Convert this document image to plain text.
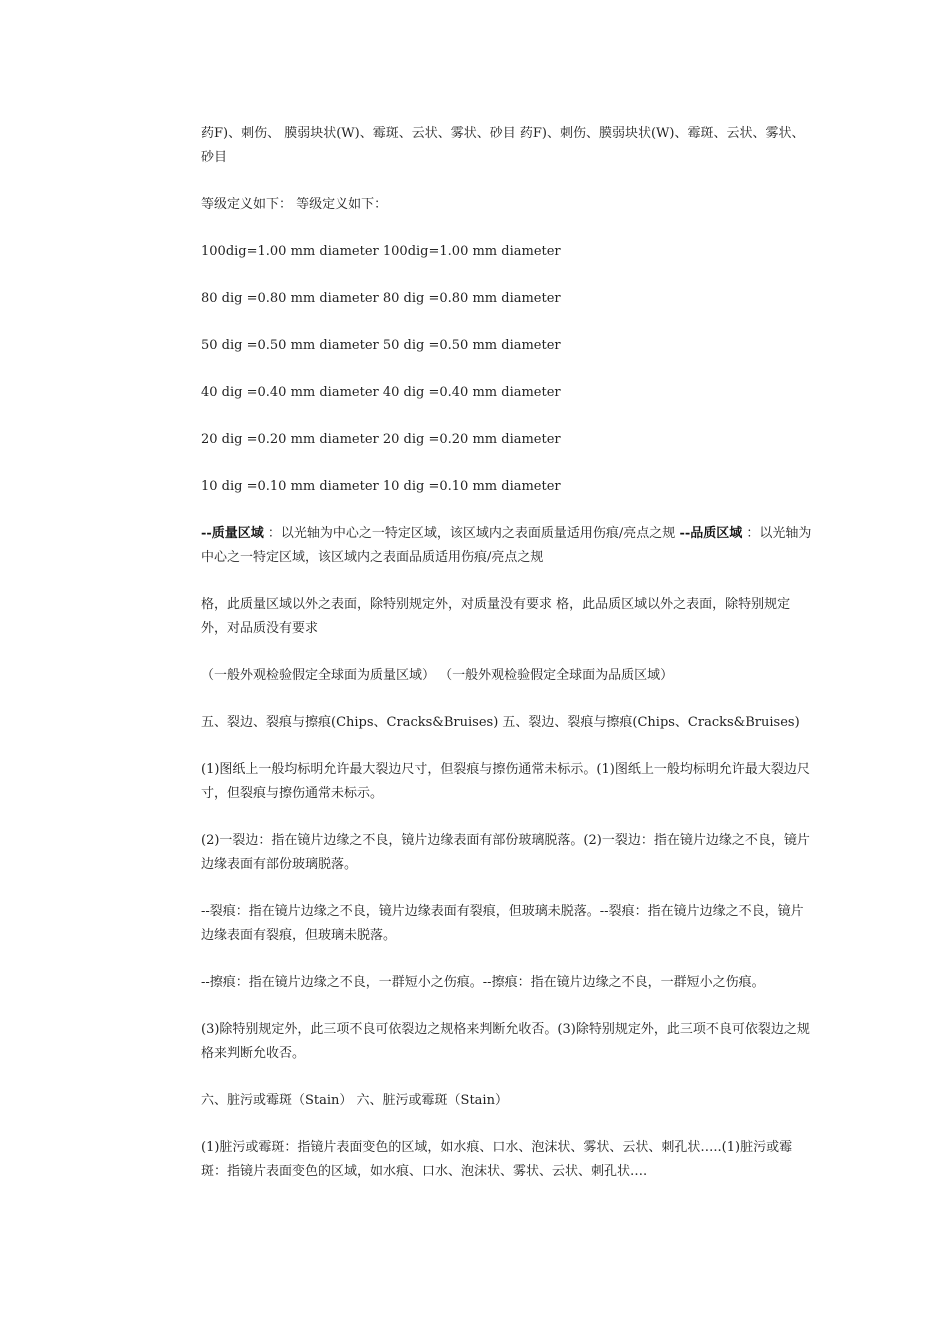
药F)、刺伤、 膜弱块状(W)、霉斑、云状、雾状、砂目 药F)、刺伤、膜弱块状(W)、霉斑、云状、雾状、砂目

等级定义如下： 等级定义如下：

100dig=1.00 mm diameter 100dig=1.00 mm diameter

80 dig =0.80 mm diameter 80 dig =0.80 mm diameter

50 dig =0.50 mm diameter 50 dig =0.50 mm diameter

40 dig =0.40 mm diameter 40 dig =0.40 mm diameter

20 dig =0.20 mm diameter 20 dig =0.20 mm diameter

10 dig =0.10 mm diameter 10 dig =0.10 mm diameter

--质量区域 ：以光轴为中心之一特定区域，该区域内之表面质量适用伤痕/亮点之规 --品质区域 ：以光轴为中心之一特定区域，该区域内之表面品质适用伤痕/亮点之规

格，此质量区域以外之表面，除特别规定外，对质量没有要求 格，此品质区域以外之表面，除特别规定外，对品质没有要求

（一般外观检验假定全球面为质量区域） （一般外观检验假定全球面为品质区域）

五、裂边、裂痕与擦痕(Chips、Cracks&Bruises) 五、裂边、裂痕与擦痕(Chips、Cracks&Bruises)

(1)图纸上一般均标明允许最大裂边尺寸，但裂痕与擦伤通常未标示。(1)图纸上一般均标明允许最大裂边尺寸，但裂痕与擦伤通常未标示。

(2)一裂边：指在镜片边缘之不良，镜片边缘表面有部份玻璃脱落。(2)一裂边：指在镜片边缘之不良，镜片边缘表面有部份玻璃脱落。

--裂痕：指在镜片边缘之不良，镜片边缘表面有裂痕，但玻璃未脱落。--裂痕：指在镜片边缘之不良，镜片边缘表面有裂痕，但玻璃未脱落。

--擦痕：指在镜片边缘之不良，一群短小之伤痕。--擦痕：指在镜片边缘之不良，一群短小之伤痕。

(3)除特别规定外，此三项不良可依裂边之规格来判断允收否。(3)除特别规定外，此三项不良可依裂边之规格来判断允收否。

六、脏污或霉斑（Stain） 六、脏污或霉斑（Stain）

(1)脏污或霉斑：指镜片表面变色的区域，如水痕、口水、泡沫状、雾状、云状、刺孔状…..(1)脏污或霉斑：指镜片表面变色的区域，如水痕、口水、泡沫状、雾状、云状、刺孔状….
